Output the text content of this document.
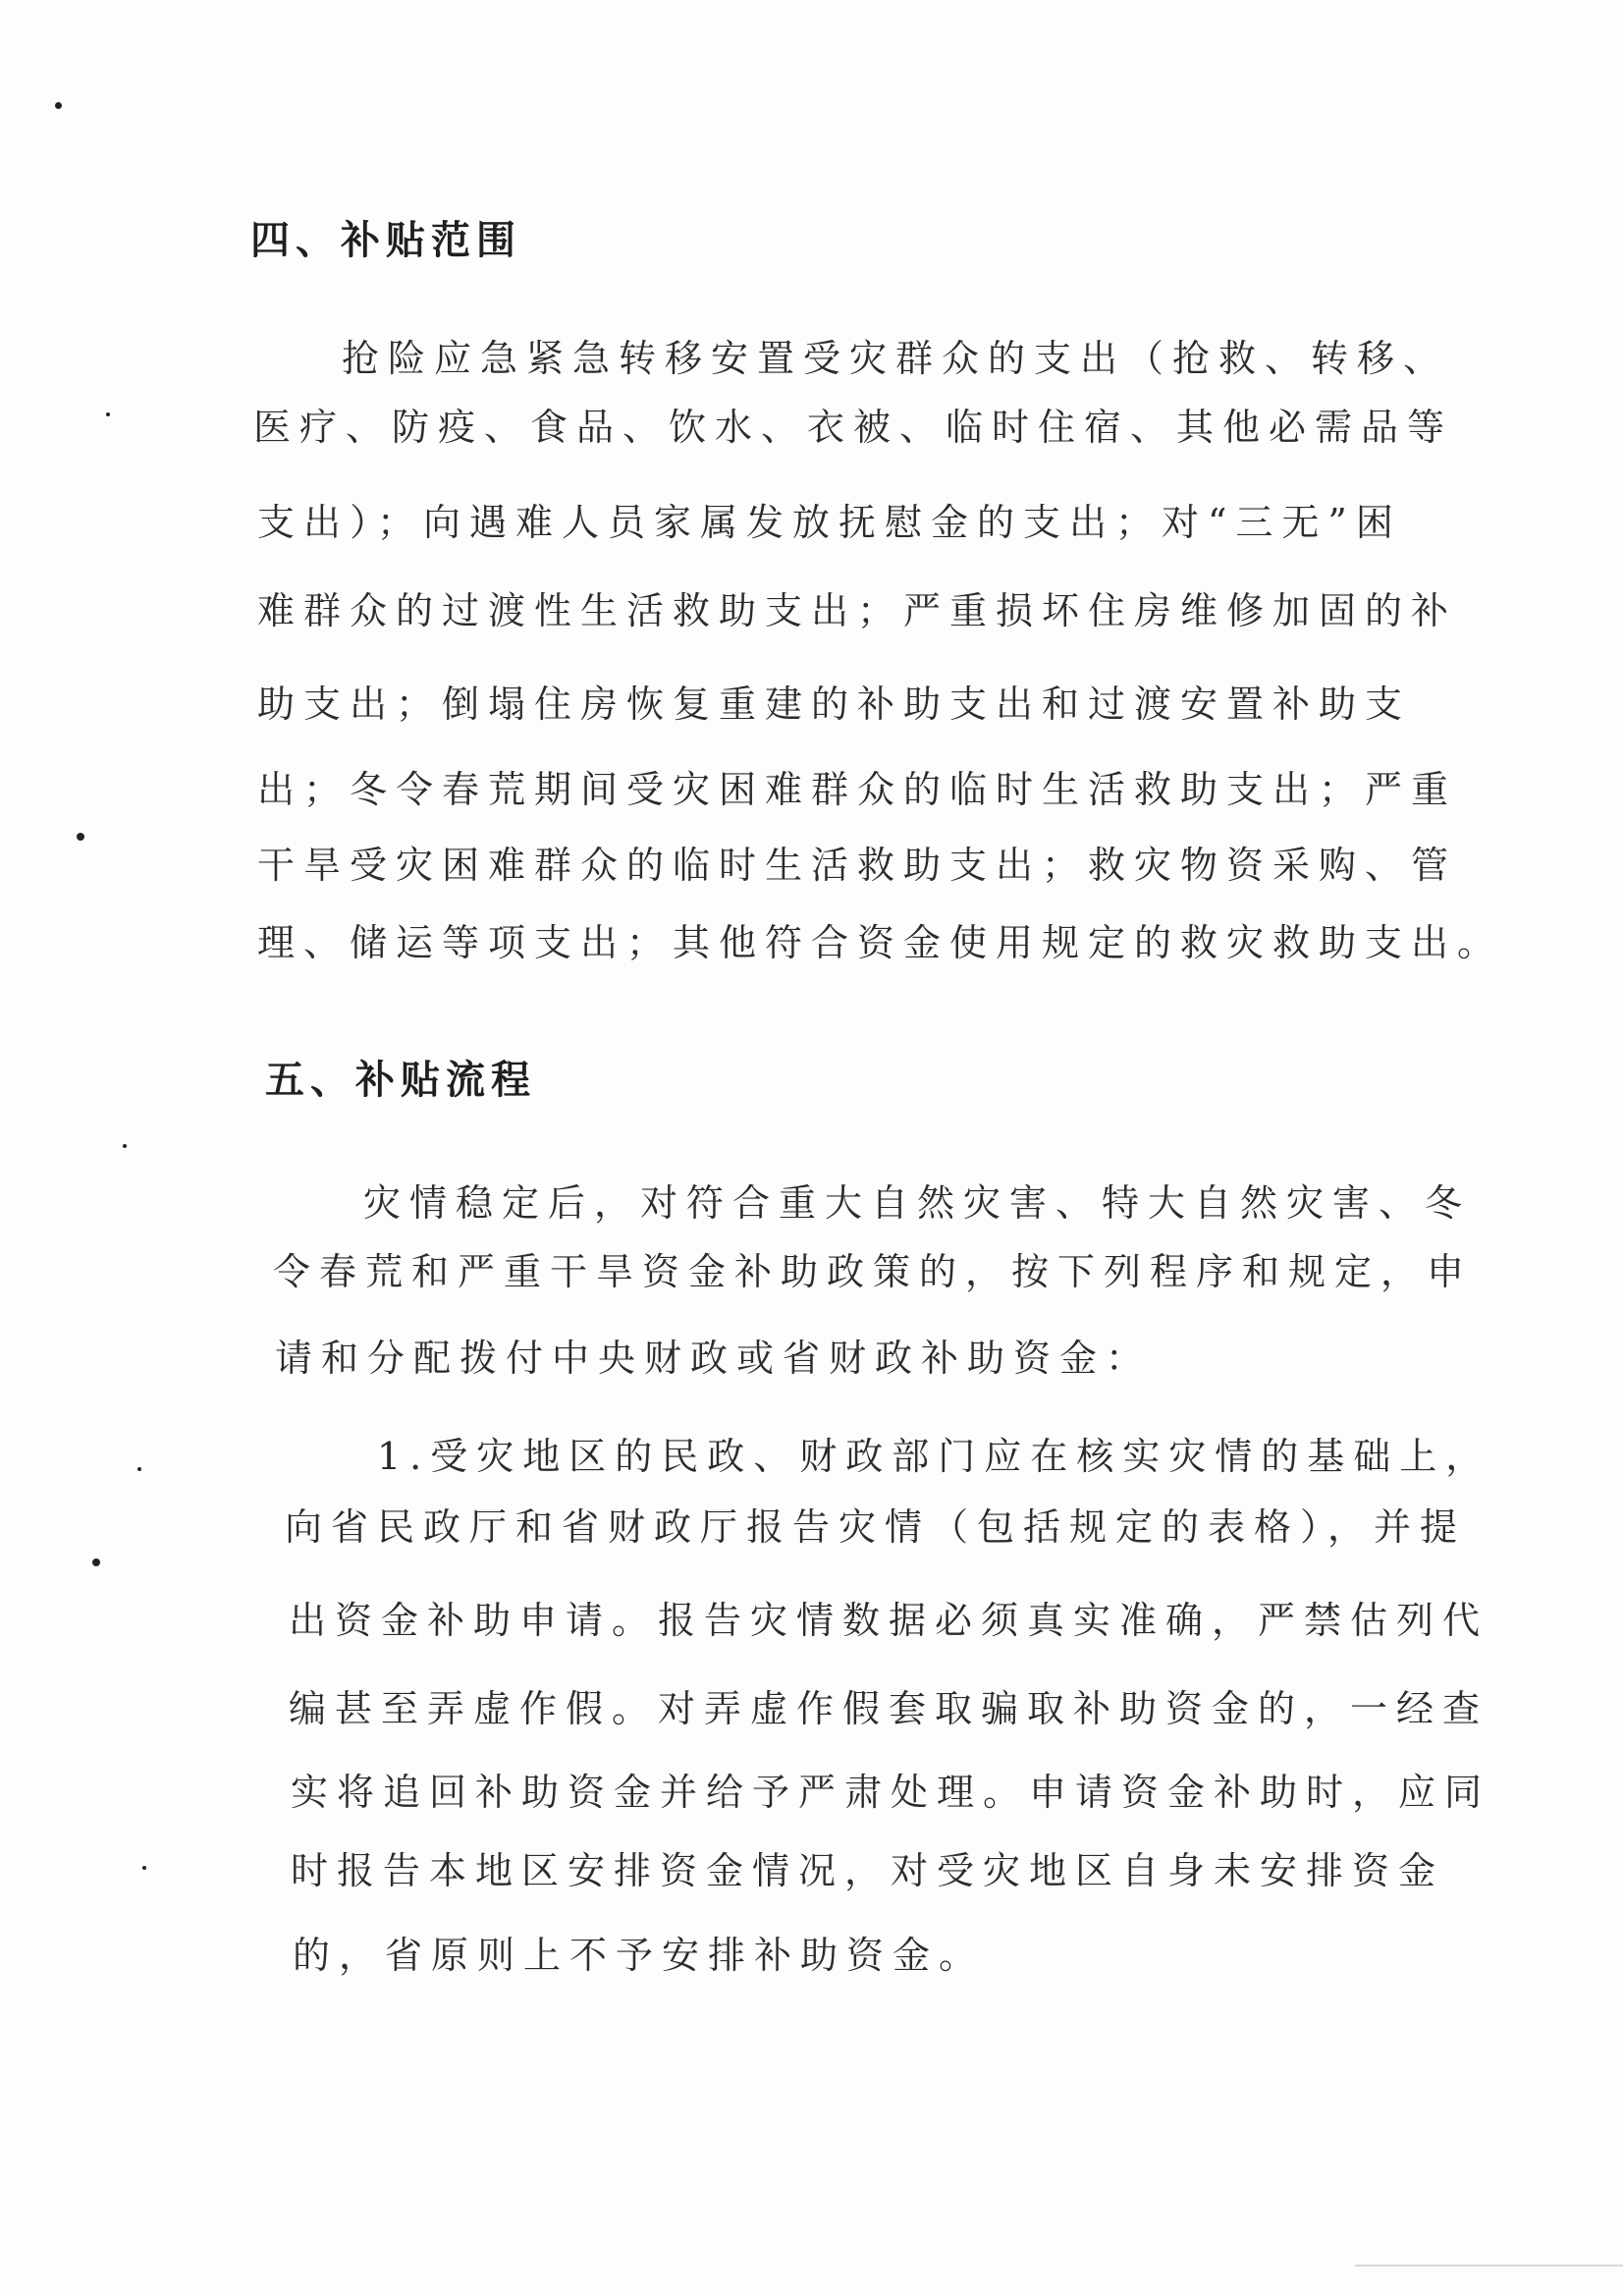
四、补贴范围
抢险应急紧急转移安置受灾群众的支出（抢救、转移、
医疗、防疫、食品、饮水、衣被、临时住宿、其他必需品等
支出）；向遇难人员家属发放抚慰金的支出；对“三无”困
难群众的过渡性生活救助支出；严重损坏住房维修加固的补
助支出；倒塌住房恢复重建的补助支出和过渡安置补助支
出；冬令春荒期间受灾困难群众的临时生活救助支出；严重
干旱受灾困难群众的临时生活救助支出；救灾物资采购、管
理、储运等项支出；其他符合资金使用规定的救灾救助支出。
五、补贴流程
灾情稳定后，对符合重大自然灾害、特大自然灾害、冬
令春荒和严重干旱资金补助政策的，按下列程序和规定，申
请和分配拨付中央财政或省财政补助资金：
1.受灾地区的民政、财政部门应在核实灾情的基础上，
向省民政厅和省财政厅报告灾情（包括规定的表格），并提
出资金补助申请。报告灾情数据必须真实准确，严禁估列代
编甚至弄虚作假。对弄虚作假套取骗取补助资金的，一经查
实将追回补助资金并给予严肃处理。申请资金补助时，应同
时报告本地区安排资金情况，对受灾地区自身未安排资金
的，省原则上不予安排补助资金。
